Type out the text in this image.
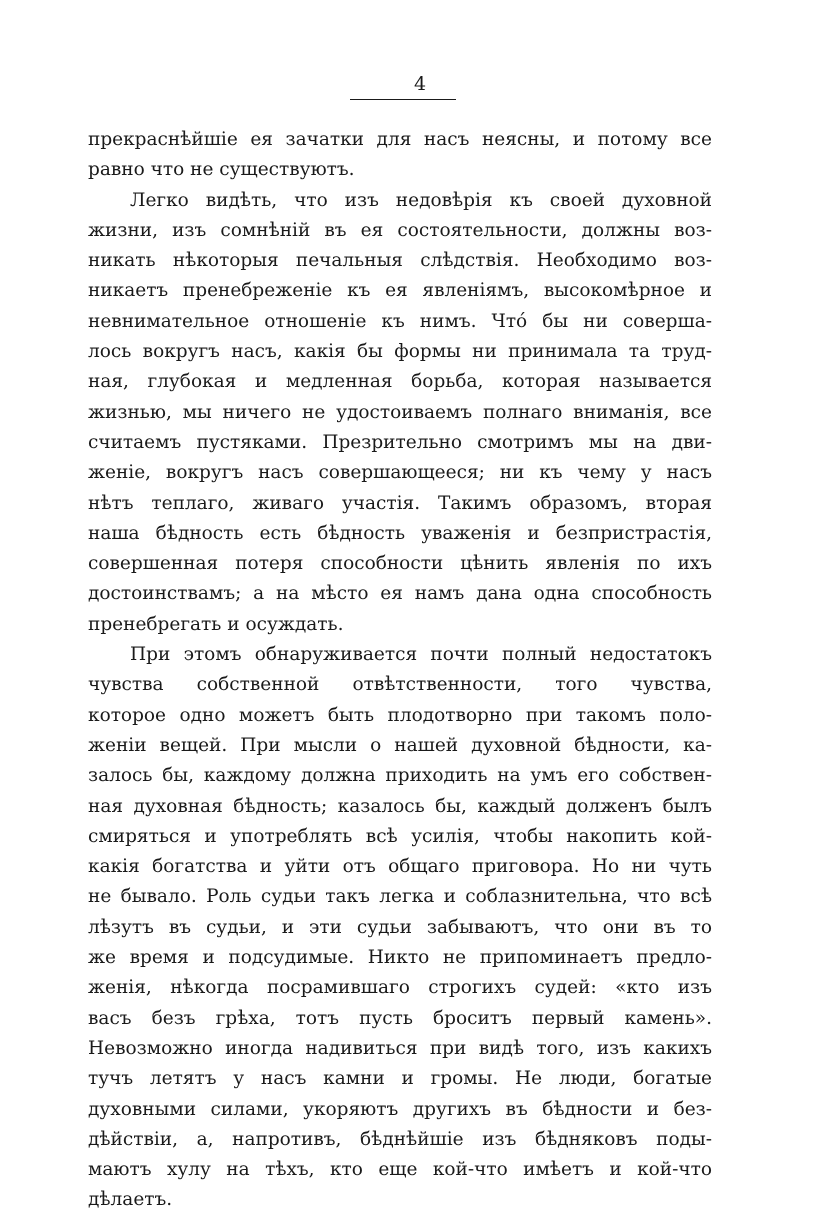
4
прекраснѣйшіе ея зачатки для насъ неясны, и потому все
равно что не существуютъ.
Легко видѣть, что изъ недовѣрія къ своей духовной
жизни, изъ сомнѣній въ ея состоятельности, должны воз-
никать нѣкоторыя печальныя слѣдствія. Необходимо воз-
никаетъ пренебреженіе къ ея явленіямъ, высокомѣрное и
невнимательное отношеніе къ нимъ. Что́ бы ни соверша-
лось вокругъ насъ, какія бы формы ни принимала та труд-
ная, глубокая и медленная борьба, которая называется
жизнью, мы ничего не удостоиваемъ полнаго вниманія, все
считаемъ пустяками. Презрительно смотримъ мы на дви-
женіе, вокругъ насъ совершающееся; ни къ чему у насъ
нѣтъ теплаго, живаго участія. Такимъ образомъ, вторая
наша бѣдность есть бѣдность уваженія и безпристрастія,
совершенная потеря способности цѣнить явленія по ихъ
достоинствамъ; а на мѣсто ея намъ дана одна способность
пренебрегать и осуждать.
При этомъ обнаруживается почти полный недостатокъ
чувства собственной отвѣтственности, того чувства,
которое одно можетъ быть плодотворно при такомъ поло-
женіи вещей. При мысли о нашей духовной бѣдности, ка-
залось бы, каждому должна приходить на умъ его собствен-
ная духовная бѣдность; казалось бы, каждый долженъ былъ
смиряться и употреблять всѣ усилія, чтобы накопить кой-
какія богатства и уйти отъ общаго приговора. Но ни чуть
не бывало. Роль судьи такъ легка и соблазнительна, что всѣ
лѣзутъ въ судьи, и эти судьи забываютъ, что они въ то
же время и подсудимые. Никто не припоминаетъ предло-
женія, нѣкогда посрамившаго строгихъ судей: «кто изъ
васъ безъ грѣха, тотъ пусть броситъ первый камень».
Невозможно иногда надивиться при видѣ того, изъ какихъ
тучъ летятъ у насъ камни и громы. Не люди, богатые
духовными силами, укоряютъ другихъ въ бѣдности и без-
дѣйствіи, а, напротивъ, бѣднѣйшіе изъ бѣдняковъ поды-
маютъ хулу на тѣхъ, кто еще кой-что имѣетъ и кой-что
дѣлаетъ.
